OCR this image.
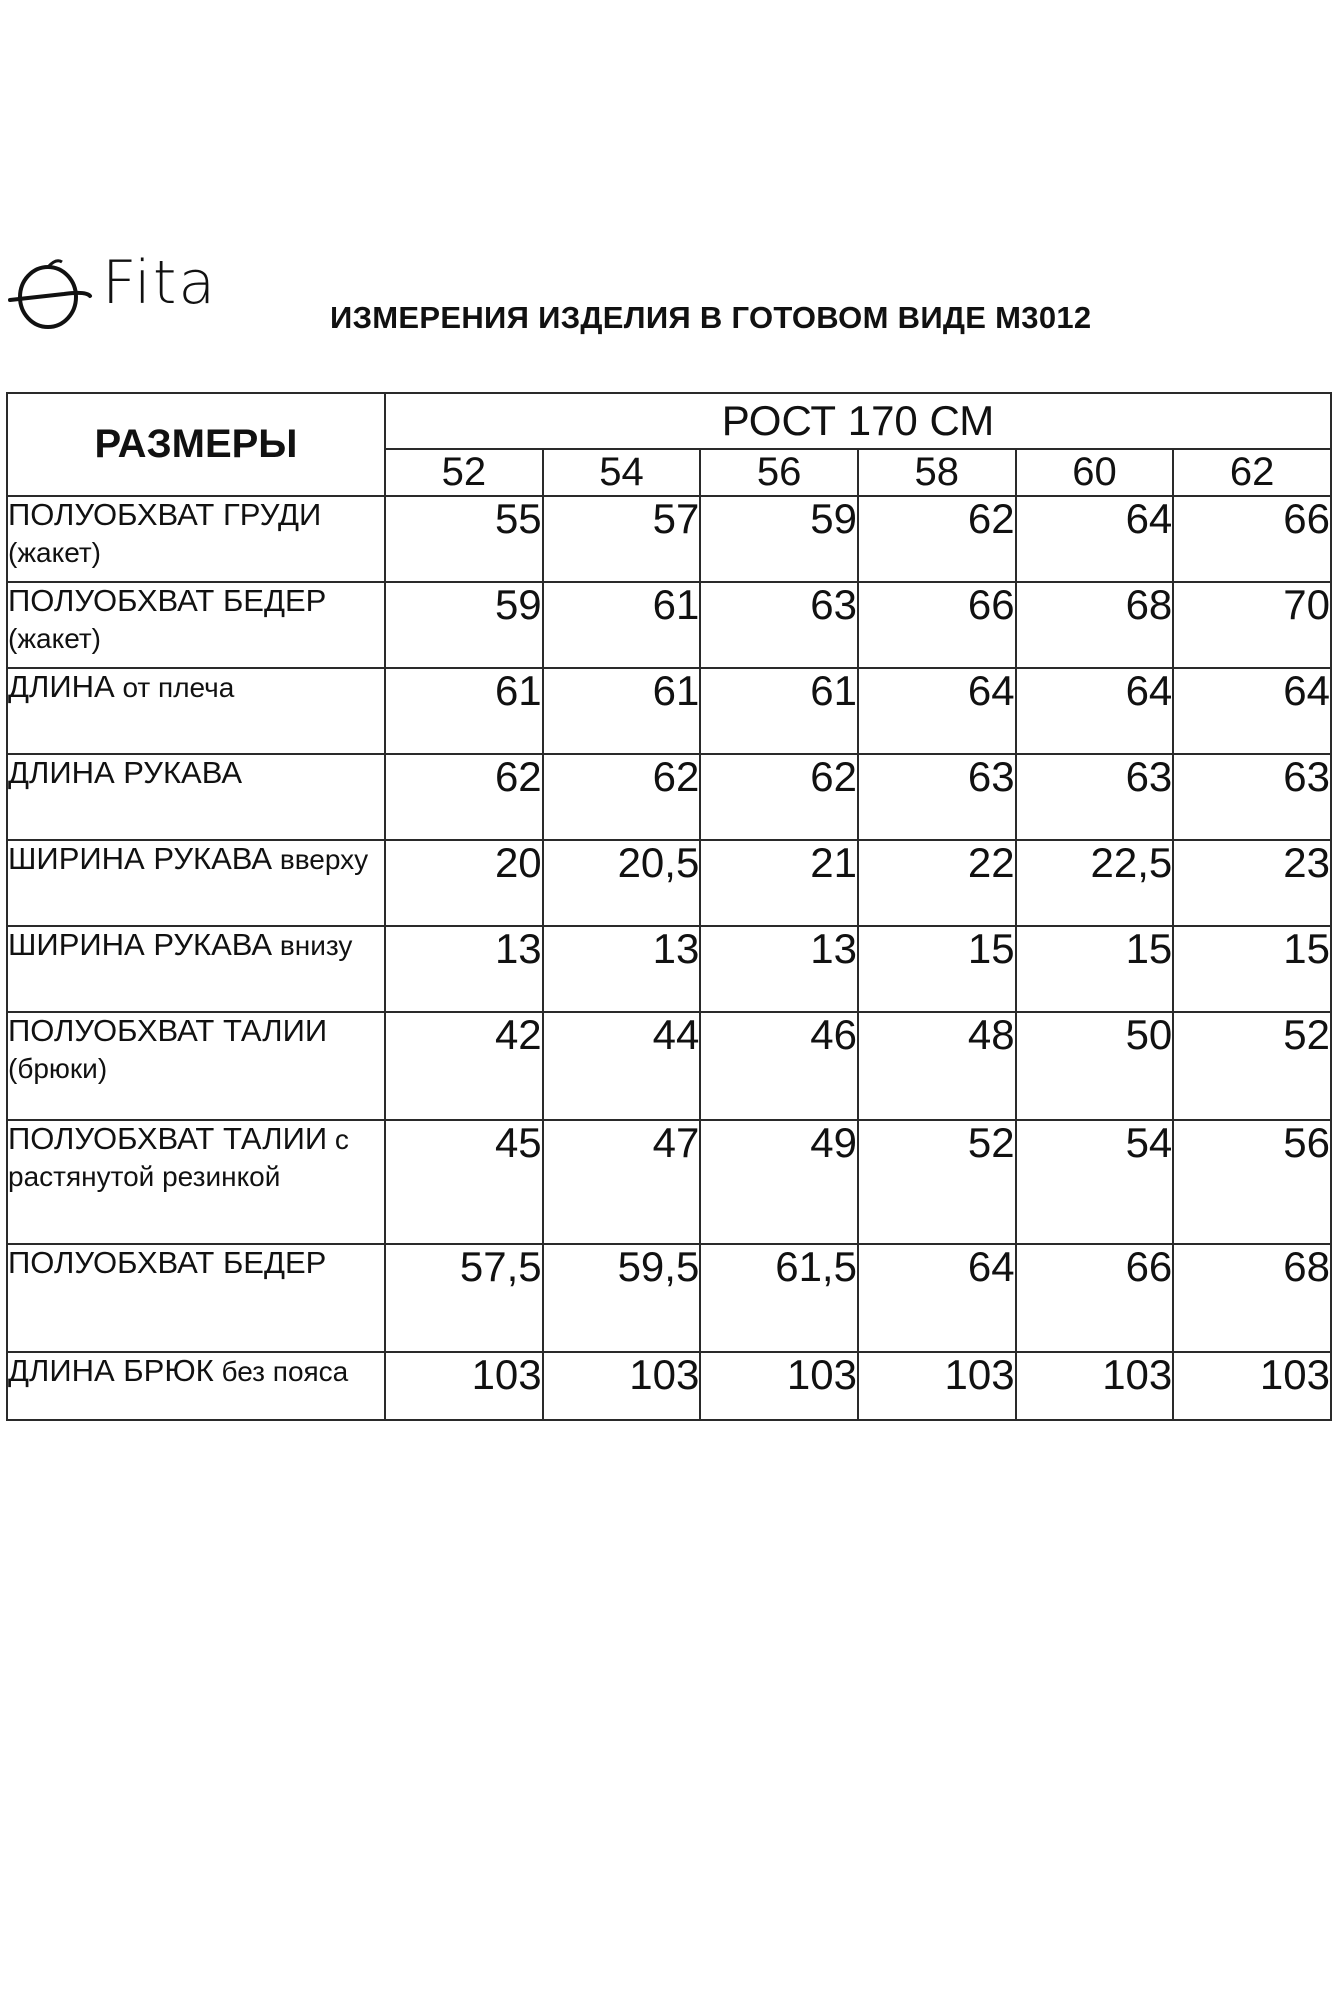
Fita	ИЗМЕРЕНИЯ ИЗДЕЛИЯ В ГОТОВОМ ВИДЕ М3012
РАЗМЕРЫ	РОСТ 170 СМ					
	52	54	56	58	60	62
ПОЛУОБХВАТ ГРУДИ (жакет)	55	57	59	62	64	66
ПОЛУОБХВАТ БЕДЕР (жакет)	59	61	63	66	68	70
ДЛИНА от плеча	61	61	61	64	64	64
ДЛИНА РУКАВА	62	62	62	63	63	63
ШИРИНА РУКАВА вверху	20	20,5	21	22	22,5	23
ШИРИНА РУКАВА внизу	13	13	13	15	15	15
ПОЛУОБХВАТ ТАЛИИ (брюки)	42	44	46	48	50	52
ПОЛУОБХВАТ ТАЛИИ с растянутой резинкой	45	47	49	52	54	56
ПОЛУОБХВАТ БЕДЕР	57,5	59,5	61,5	64	66	68
ДЛИНА БРЮК без пояса	103	103	103	103	103	103
